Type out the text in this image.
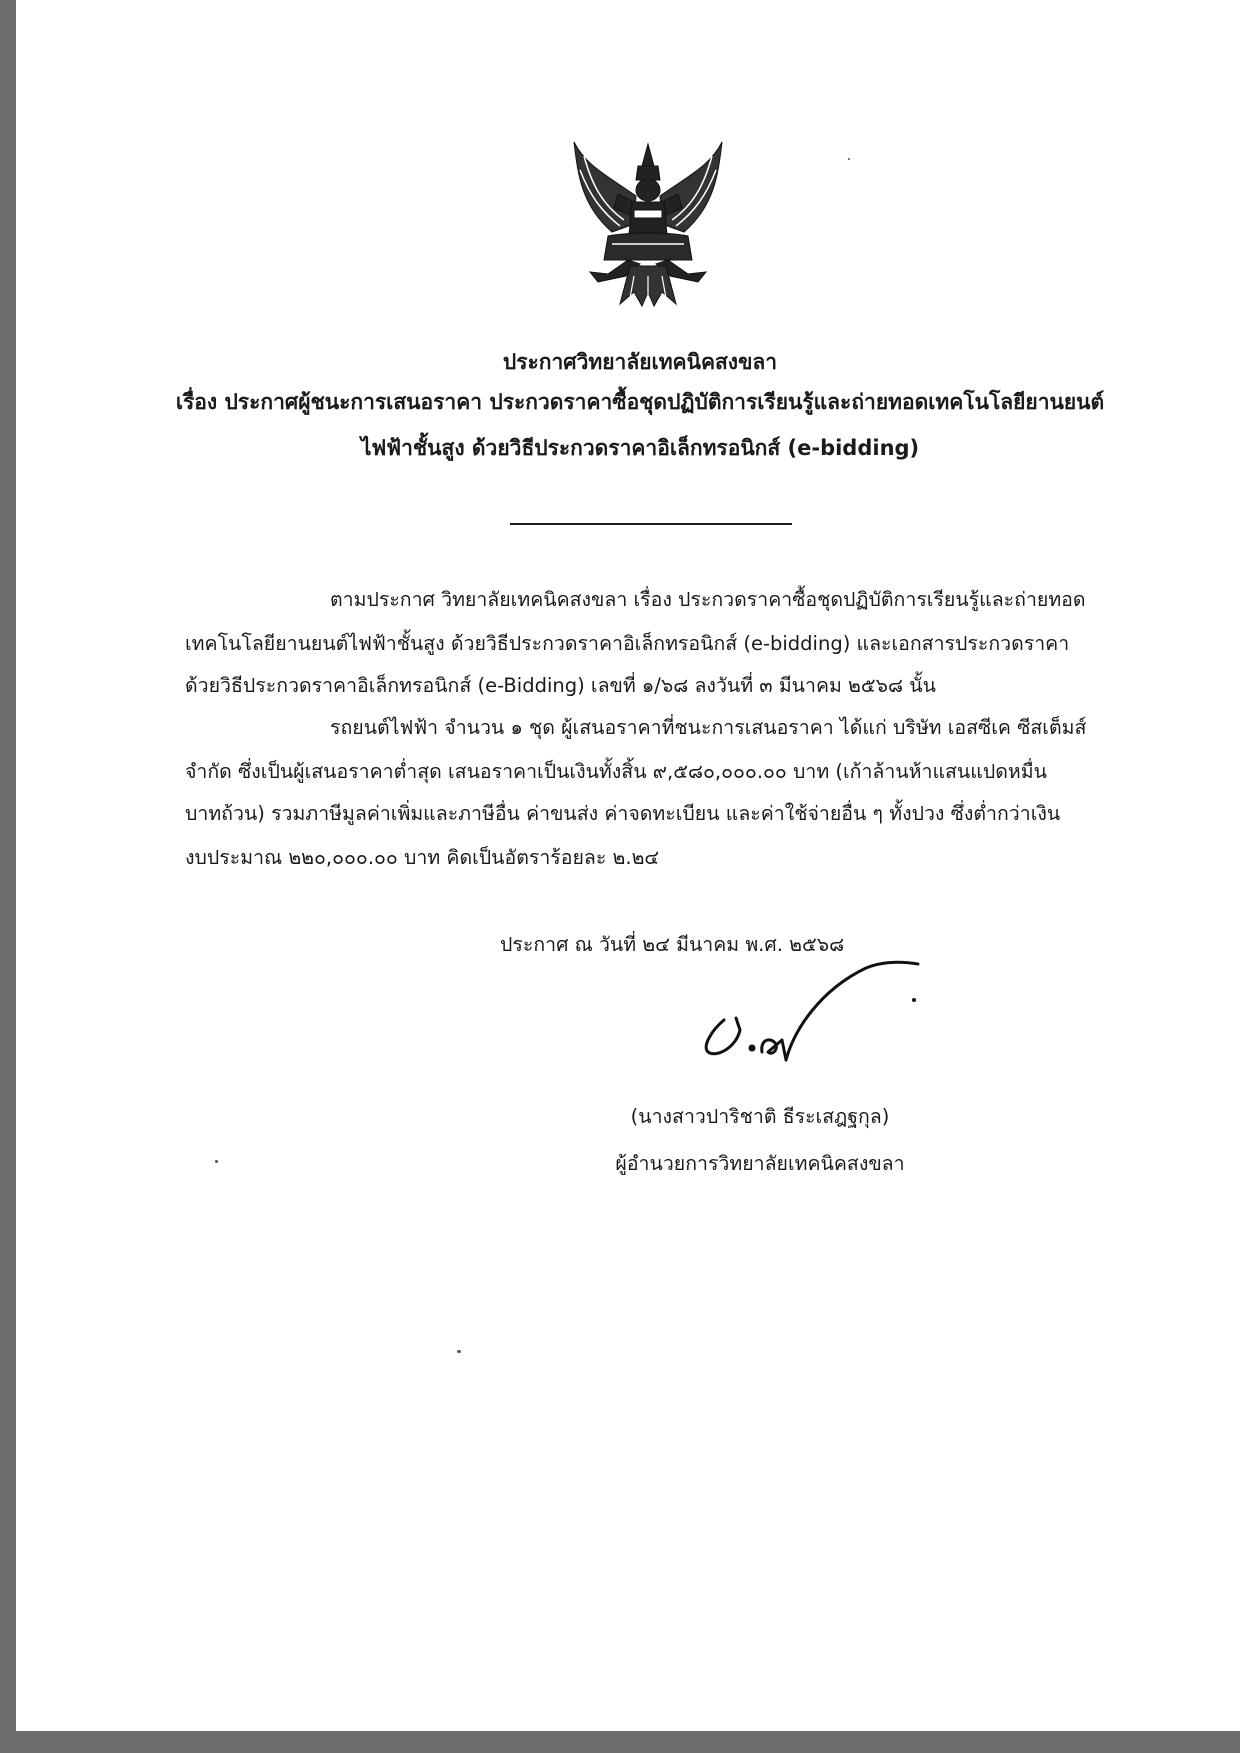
ประกาศวิทยาลัยเทคนิคสงขลา
เรื่อง ประกาศผู้ชนะการเสนอราคา ประกวดราคาซื้อชุดปฏิบัติการเรียนรู้และถ่ายทอดเทคโนโลยียานยนต์
ไฟฟ้าชั้นสูง ด้วยวิธีประกวดราคาอิเล็กทรอนิกส์ (e-bidding)
ตามประกาศ วิทยาลัยเทคนิคสงขลา เรื่อง ประกวดราคาซื้อชุดปฏิบัติการเรียนรู้และถ่ายทอด
เทคโนโลยียานยนต์ไฟฟ้าชั้นสูง ด้วยวิธีประกวดราคาอิเล็กทรอนิกส์ (e-bidding) และเอกสารประกวดราคา
ด้วยวิธีประกวดราคาอิเล็กทรอนิกส์ (e-Bidding) เลขที่ ๑/๖๘ ลงวันที่ ๓ มีนาคม ๒๕๖๘ นั้น
รถยนต์ไฟฟ้า จำนวน ๑ ชุด ผู้เสนอราคาที่ชนะการเสนอราคา ได้แก่ บริษัท เอสซีเค ซีสเต็มส์
จำกัด ซึ่งเป็นผู้เสนอราคาต่ำสุด เสนอราคาเป็นเงินทั้งสิ้น ๙,๕๘๐,๐๐๐.๐๐ บาท (เก้าล้านห้าแสนแปดหมื่น
บาทถ้วน) รวมภาษีมูลค่าเพิ่มและภาษีอื่น ค่าขนส่ง ค่าจดทะเบียน และค่าใช้จ่ายอื่น ๆ ทั้งปวง ซึ่งต่ำกว่าเงิน
งบประมาณ ๒๒๐,๐๐๐.๐๐ บาท คิดเป็นอัตราร้อยละ ๒.๒๔
ประกาศ ณ วันที่ ๒๔ มีนาคม พ.ศ. ๒๕๖๘
(นางสาวปาริชาติ ธีระเสฎฐกุล)
ผู้อำนวยการวิทยาลัยเทคนิคสงขลา
